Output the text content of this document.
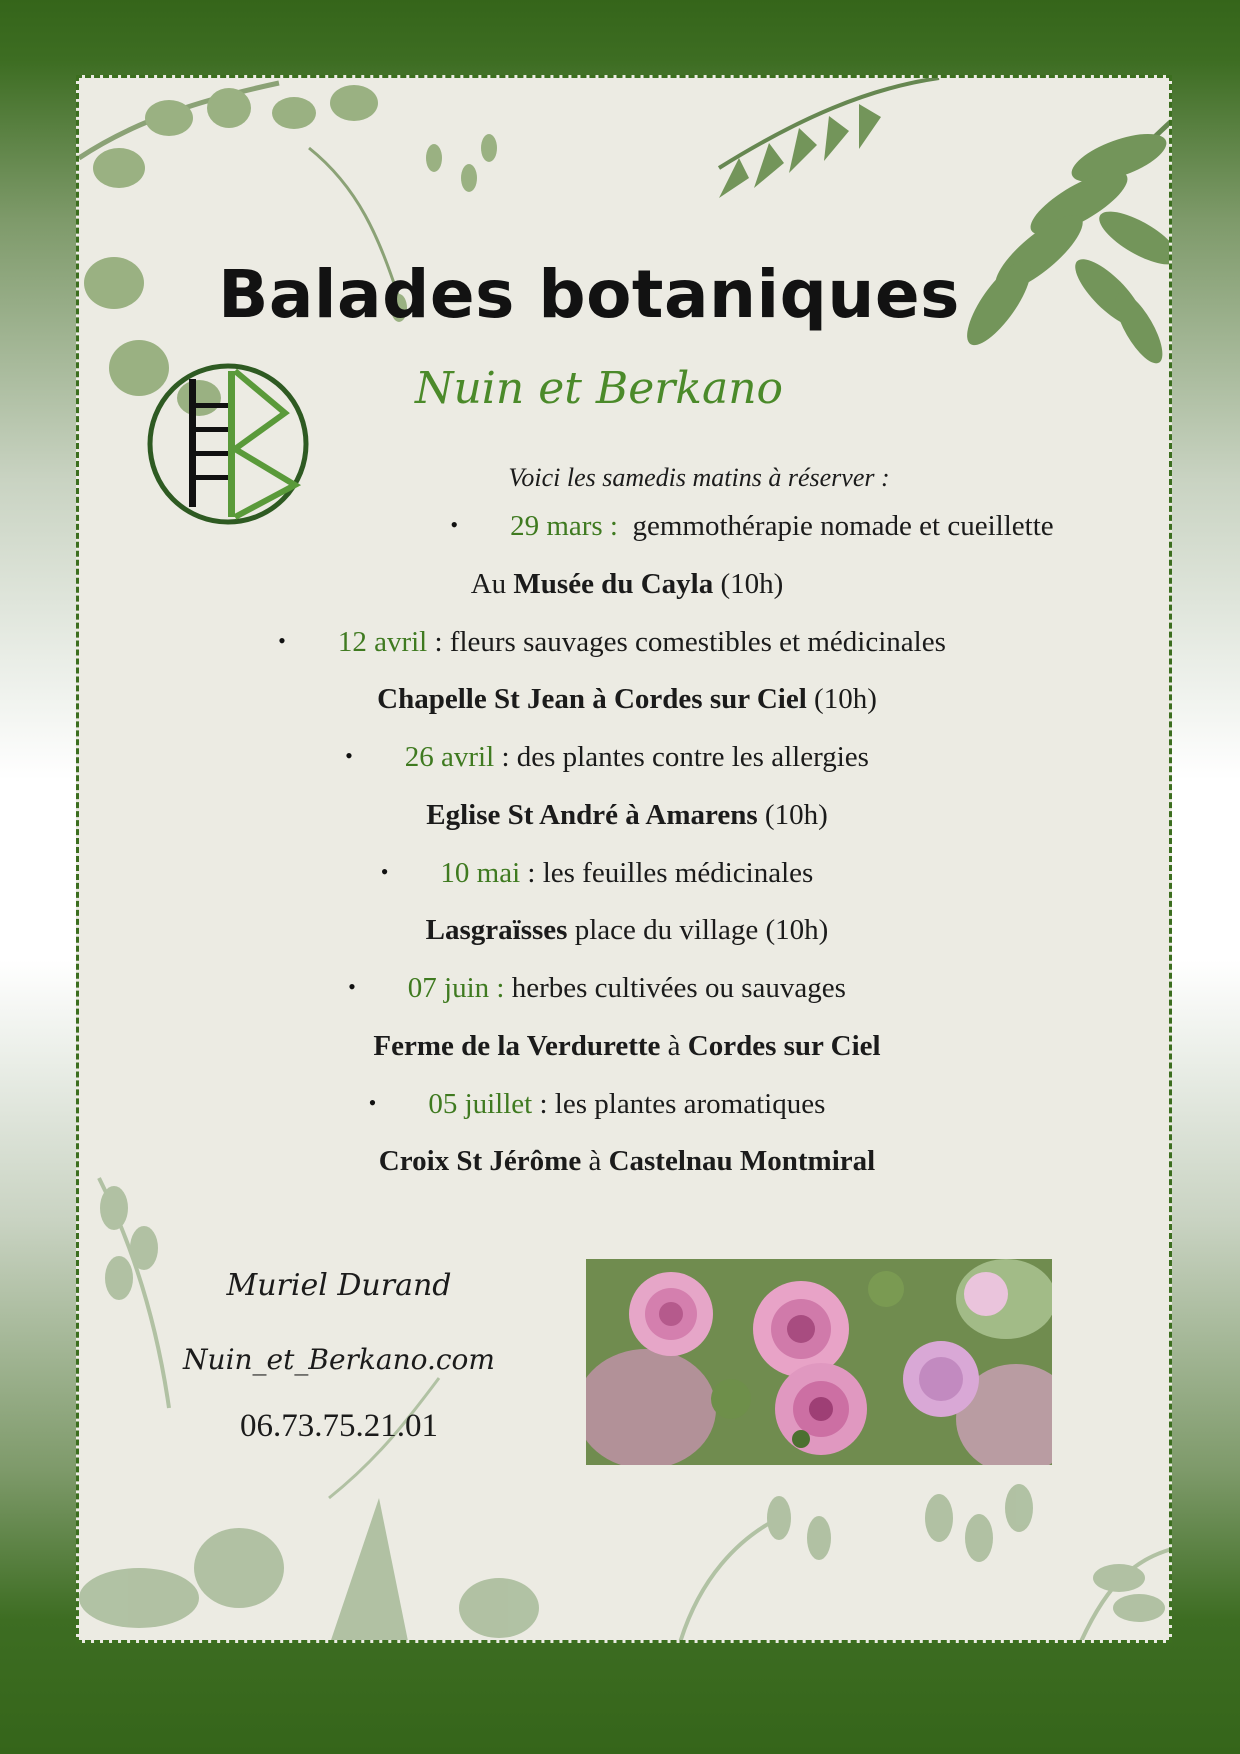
Balades botaniques
Nuin et Berkano
Voici les samedis matins à réserver :
• 29 mars : gemmothérapie nomade et cueillette
Au Musée du Cayla (10h)
• 12 avril : fleurs sauvages comestibles et médicinales
Chapelle St Jean à Cordes sur Ciel (10h)
• 26 avril : des plantes contre les allergies
Eglise St André à Amarens (10h)
• 10 mai : les feuilles médicinales
Lasgraïsses place du village (10h)
• 07 juin : herbes cultivées ou sauvages
Ferme de la Verdurette à Cordes sur Ciel
• 05 juillet : les plantes aromatiques
Croix St Jérôme à Castelnau Montmiral
Muriel Durand
Nuin_et_Berkano.com
06.73.75.21.01
